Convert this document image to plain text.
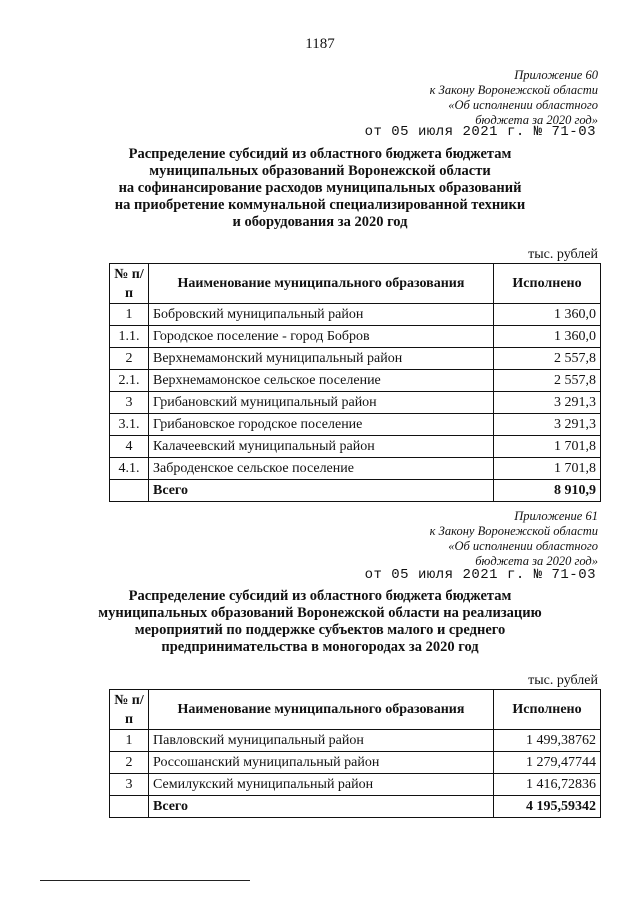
1187
Приложение 60
к Закону Воронежской области
«Об исполнении областного
бюджета за 2020 год»
от 05 июля 2021 г. № 71-03
Распределение субсидий из областного бюджета бюджетам
муниципальных образований Воронежской области
на софинансирование расходов муниципальных образований
на приобретение коммунальной специализированной техники
и оборудования за 2020 год
тыс. рублей
№ п/п	Наименование муниципального образования	Исполнено
1	Бобровский муниципальный район	1 360,0
1.1.	Городское поселение - город Бобров	1 360,0
2	Верхнемамонский муниципальный район	2 557,8
2.1.	Верхнемамонское сельское поселение	2 557,8
3	Грибановский муниципальный район	3 291,3
3.1.	Грибановское городское поселение	3 291,3
4	Калачеевский муниципальный район	1 701,8
4.1.	Заброденское сельское поселение	1 701,8
	Всего	8 910,9
Приложение 61
к Закону Воронежской области
«Об исполнении областного
бюджета за 2020 год»
от 05 июля 2021 г. № 71-03
Распределение субсидий из областного бюджета бюджетам
муниципальных образований Воронежской области на реализацию
мероприятий по поддержке субъектов малого и среднего
предпринимательства в моногородах за 2020 год
тыс. рублей
№ п/п	Наименование муниципального образования	Исполнено
1	Павловский муниципальный район	1 499,38762
2	Россошанский муниципальный район	1 279,47744
3	Семилукский муниципальный район	1 416,72836
	Всего	4 195,59342
